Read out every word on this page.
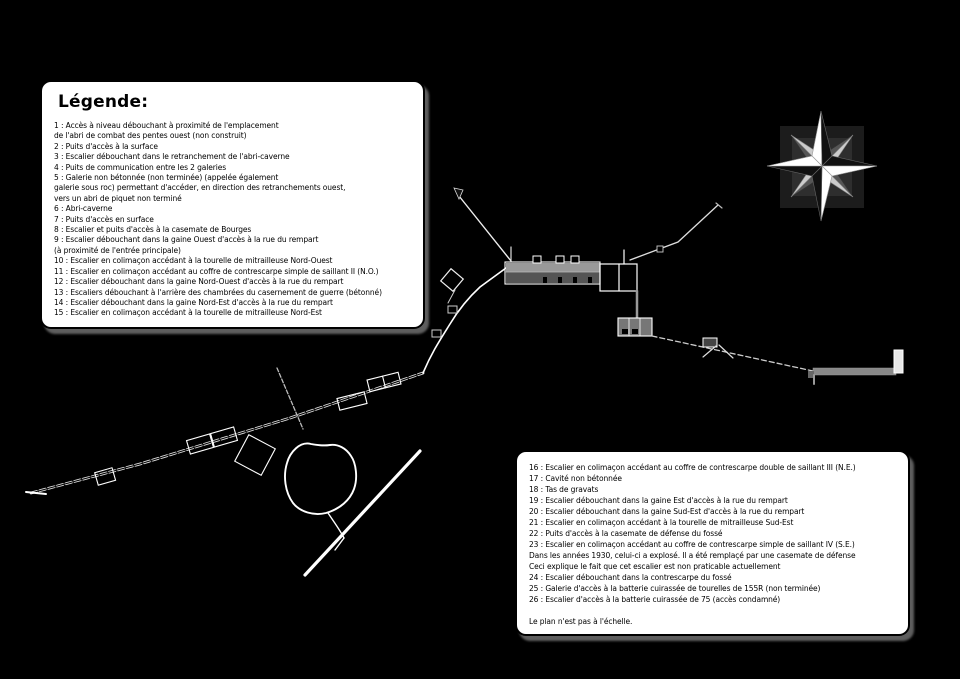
Légende:
1 : Accès à niveau débouchant à proximité de l'emplacement
de l'abri de combat des pentes ouest (non construit)
2 : Puits d'accès à la surface
3 : Escalier débouchant dans le retranchement de l'abri-caverne
4 : Puits de communication entre les 2 galeries
5 : Galerie non bétonnée (non terminée) (appelée également
galerie sous roc) permettant d'accéder, en direction des retranchements ouest,
vers un abri de piquet non terminé
6 : Abri-caverne
7 : Puits d'accès en surface
8 : Escalier et puits d'accès à la casemate de Bourges
9 : Escalier débouchant dans la gaine Ouest d'accès à la rue du rempart
(à proximité de l'entrée principale)
10 : Escalier en colimaçon accédant à la tourelle de mitrailleuse Nord-Ouest
11 : Escalier en colimaçon accédant au coffre de contrescarpe simple de saillant II (N.O.)
12 : Escalier débouchant dans la gaine Nord-Ouest d'accès à la rue du rempart
13 : Escaliers débouchant à l'arrière des chambrées du casernement de guerre (bétonné)
14 : Escalier débouchant dans la gaine Nord-Est d'accès à la rue du rempart
15 : Escalier en colimaçon accédant à la tourelle de mitrailleuse Nord-Est
16 : Escalier en colimaçon accédant au coffre de contrescarpe double de saillant III (N.E.)
17 : Cavité non bétonnée
18 : Tas de gravats
19 : Escalier débouchant dans la gaine Est d'accès à la rue du rempart
20 : Escalier débouchant dans la gaine Sud-Est d'accès à la rue du rempart
21 : Escalier en colimaçon accédant à la tourelle de mitrailleuse Sud-Est
22 : Puits d'accès à la casemate de défense du fossé
23 : Escalier en colimaçon accédant au coffre de contrescarpe simple de saillant IV (S.E.)
Dans les années 1930, celui-ci a explosé. Il a été remplaçé par une casemate de défense
Ceci explique le fait que cet escalier est non praticable actuellement
24 : Escalier débouchant dans la contrescarpe du fossé
25 : Galerie d'accès à la batterie cuirassée de tourelles de 155R (non terminée)
26 : Escalier d'accès à la batterie cuirassée de 75 (accès condamné)

Le plan n'est pas à l'échelle.
